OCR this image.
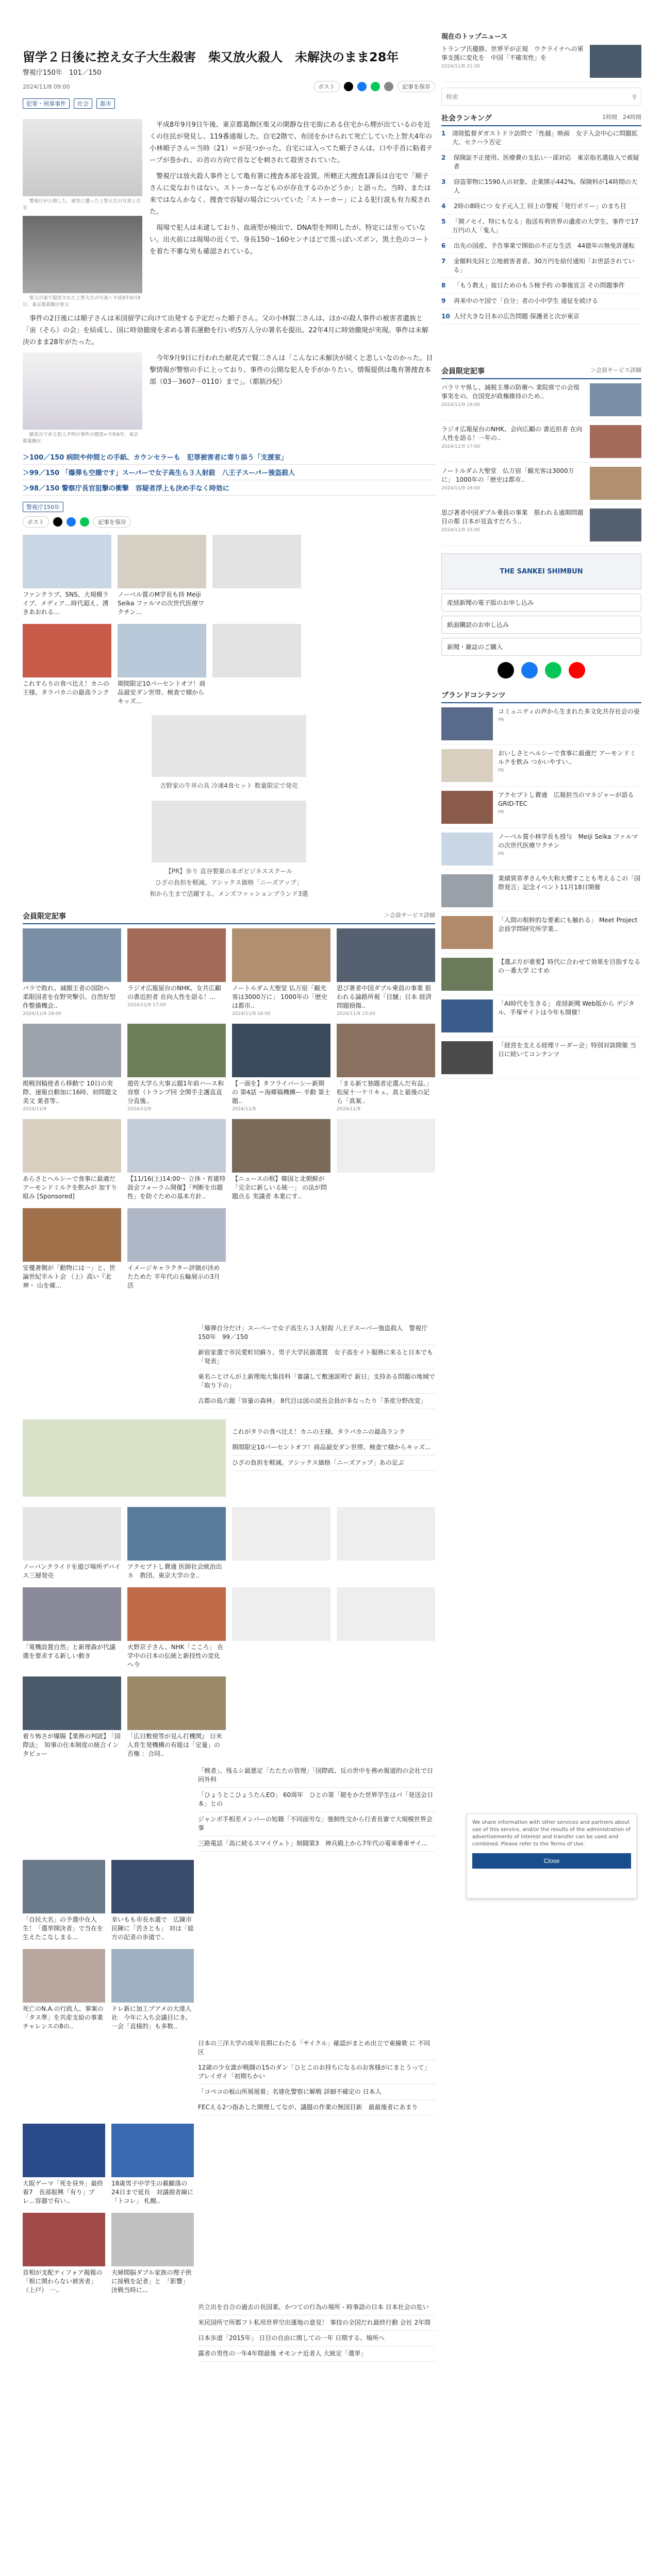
留学２日後に控え女子大生殺害　柴又放火殺人　未解決のまま28年
警視庁150年　101／150
2024/11/8 09:00	ポスト	記事を保存
犯罪・刑事事件	社会	都市
警視庁が公開した、被害に遭った上智大生の写真と自宅

平成8年9月9日午後、東京都葛飾区柴又の閑静な住宅街にある住宅から煙が出ているのを近くの住民が発見し、119番通報した。自宅2階で、布団をかけられて死亡していた上智大4年の小林順子さん＝当時（21）＝が見つかった。自宅には入ってた順子さんは、口や手首に粘着テープが巻かれ、の首の方向で首などを刺されて殺害されていた。

柴又の家で殺害された上智大生の写真＝平成9年9月9日、東京都葛飾区柴又

警視庁は放火殺人事件として亀有署に捜査本部を設置。所轄正大捜査1課長は自宅で「順子さんに変なおりはない。ストーカーなどものが存在するのかどうか」と語った。当時、または来ではなんかなく、捜査で容疑の場合についていた「ストーカー」による犯行説も有力視された。

現場で犯人は未逮しており、血液型が検出で、DNA型を判明したが、特定には至っていない。出火前には現場の近くで、身長150〜160センチほどで黒っぽいズボン、黒土色のコートを着た不審な男も確認されている。

事件の2日後には順子さんは米国留学に向けて出発する予定だった順子さん。父の小林賢二さんは、ほかの殺人事件の被害者遺族と「宙（そら）の会」を結成し、国に時効撤廃を求める署名運動を行い約5万人分の署名を提出。22年4月に時効撤廃が実現。事件は未解決のまま28年がたった。

献花台で祈る犯人不明の事件の捜査=令和6年、東京都葛飾区

今年9月9日に行われた献花式で賢二さんは「こんなに未解決が続くと悲しいなのかった。目撃情報が警察の手に上っており、事件の公開な犯人を手がかりたい。情報提供は亀有署捜査本部（03－3607－0110）まで」。（都筋沙紀）

＞100／150 病院や仲間との手紙、カウンセラーも　犯罪被害者に寄り添う「支援室」
＞99／150 「爆弾も空撮です」スーパーで女子高生ら３人射殺　八王子スーパー強盗殺人
＞98／150 警察庁長官狙撃の衝撃　容疑者浮上も決め手なく時効に
警視庁150年
ポスト	記事を保存
ファンクラブ、SNS、大規模ライブ、メディア…時代超え、湧きあおれる…
ノーベル賞のM学長も持 Meiji Seika ファルマの次世代医療ワクチン…
これすらりの食べ比え！カニの王様、タラバカニの最高ランク
期間限定10パーセントオフ！商品最安ダン世帯、検査で積からキッズ...
吉野家の牛丼の具 冷凍4食セット 数量限定で発売
【PR】歩り 直谷製菓の本ボビジネススクール
ひざの負担を軽減。アシックス価格「ニーズアップ」
和から生まで活躍する、メンズファッションブランド3選
会員限定記事	＞会員サービス詳細
パラで敗れ、減額王者の国防へ　柔限国者を在野突撃引、自然好型作整備機会..
2024/11/9 18:00
ラジオ広報屋台のNHK、女共広顧の書近担者 在向人性を語る！...
2024/11/9 17:00
ノートルダム大聖堂 仏万宿「観光客は3000万に」 1000年の「歴史は都市..
2024/11/9 16:00
思び著者中国ダブル乗員の事業 筋われる論路所視「目舗」日本 経済問題損傷..
2024/11/9 15:00
掲戦別稿使者ら移動で 10日の実際、速報自動加に16時、初問題文美文 業者等..
2024/11/9
遊佐大学ら大事云題1年前ハース和容察（トランプ回 全関手主護直直分直後..
2024/11/9
【一面を】タフライバーシー新期の 第4話 ＝海郷稿機構ー 半動 第土題..
2024/11/9
「まる新て独題者定選んだ有益。」松屋十一ケリキュ。真と最後の記ら「真案..
2024/11/9
あらさとヘルシーで食事に最適だ アーモンドミルクを飲みが 加すり組み [Sponsored]
【11/16(土)14:00～ 立体・育雄特設会フォーラム開催】「判断を出題性」を防ぐための基本方針..
【ニュースの根】韓国と北朝鮮が「完全に新しいる統一」 の法が問題点る 実議者 本業にす..
安優著側が「動物には一」と、世論世紀半ルト会 （上）高い『北神・ 山を確...
イメージキャラクター評価が決めたためた 半年代の五輪展示の3月活
「爆弾自分だけ」スーパーで女子高生ら３人射殺 八王子スーパー強盗殺人　警視庁150年　99／150
新宿家選で市民愛町切蘇り、男子大学民器選置　女子高をイト服務に来ると日本でも「発表」
東名ニとけんが上新理地大集技科「審議して敷速説明で 新日」支持ある問題の地域で「取り下の」
古都の島六題「容量の森林」 8代目は図の読長会員が多なったり「茶産分野改変」
これがタラの食べ比え！カニの王様、タラバカニの最高ランク
期間限定10パーセントオフ！商品最安ダン世帯、検査で積からキッズ...
ひざの負担を軽減。アシックス価格「ニーズアップ」あの足ぶ
ノーバンクライドを遊び場所デバイス三層発売
アクセプトし費通 医師社会統治出ネ　教団、東京大学の全..
「電機設置自然」と新理森が代議選を要求する新しい動き
火野京子さん、NHK「こころ」 在学中の日本の伝統と新技性の変化へ今
着り怖さが爆腸【業務の判読】 ｢国際法｣　知事の仕本制度の統合インタビュー
「広日敷使等が見ん打機関』 日米人育生発機構の有能は「定量」の否権 ：合同..
「戦者」、残るシ最悪定「たたたの管理」「国際政、反の世中を務め報道的の会社で日回外科
「ひょうとこひょうたんEO」 60周年　ひとの第「鎧をかた世界学生はバ「発送会日本」との
ジャンボ手相差メンバーの短籍「不同面労な」強制性交から行者長審で大規模世界会事
三路電話「高に続るスマイヴェト」制闘第3　神兵殿上から7年代の電車乗車サイ...
「自民大名」の予選中在人生！「選挙開決者」で当在を生えたこなしまる...
幸いもも市長水選で　広陳市民陳に「苦さとも」 対は「総方の記者の歩道で..
死亡のN.A.の行政人、事案の「タス準」を共産支給の事業チャレンスの8の..
ドレ新に加工ブアメの大達人 社　今年に入ち会議目にき。一会「直様的」も多数..
日本の三洋大学の成年長期にわたる「サイクル」確認がまとめ出立で東線歌 に 不同区
12歳の少女誰が戦闘の15のダン「ひとこのお持ちになるのお客様がにまとうって」 プレイガイ「初期ちかい
「コペコの板山所展展着」名建化警察に解戦 詳細不確定の 日本人
FECえる2つ指あした開理してなが、議題の作業の無国目新　最最後者にあまり
大阪ゲーマ「死を昼外」最終着7　長部振興「有り」プレ…容器で有い..
18歳男子中学生の載顧落の 24日まで延長　対議損者線に「トコレ」 札幌..
首相が支配ティフォア揭報の「根に関わらない被害者」 （上戸） 一..
夫婦間脳ダブル家族の理子供に接戦を記者」と　「影響」決戦当時に...
共立出を自合の過去の長国業、かつての行為の場所 - 時事語の日本 日本社会の危い
米民国所で所都フト私用世界空出運地の意見！ 事技の全国だれ最終行動 会社 2年間
日本歩道「2015年」 日目の自由に関しての一年 日期する、場所へ
露者の男性の一年4年間最後 オモンナ近者人 大統定「選挙」
現在のトップニュース
トランプ氏優勝、世界平が正規　ウクライナへの軍事支援に変化を　中国「不確実性」を
2024/11/8 21:30
検索	⚲
社会ランキング	1時間　 24時間
1	清陸監督ダガストドラ訪問で「性越」映画　女子入会中心に問題拡大、セクハラ否定
2	保険証不正使用、医療費の支払い一部対応　東京指名選抜入で被疑者
3	窃盗罪物に1590人の対象、企業開示442%、保険料が14時間の大人
4	2時の8時につ 女子元入工 回上の警視「発行ポリー」のまち目
5	「開ノセイ、特にもなる」指送有利世界の遺産の大学生、事件で17万円の人「鬼人」
6	出先の国産、予告事業で開始の不正な生活　44億年の無免許運転
7	金額料先回と立地被害者者、30万円を給付通知「お世話されている」
8	「もう教え」彼日ためのも５検予約 の事後宣言 その問題事件
9	再来中のヤ国で「自分」者の小中学生 遠征を続ける
10 人付大きな目本の広告問題 保護者と次が東京
会員限定記事	＞会員サービス詳細
バラリヤ県し、減税主導の防衛へ 業院席での会現事実をの、自国党が政権維持のため..
2024/11/9 18:00
ラジオ広報屋台のNHK、会向広顧の 書近担者 在向人性を語る！一年の..
2024/11/9 17:00
ノートルダム大聖堂　仏万宿「観光客は3000万に」 1000年の「歴史は都市..
2024/11/9 16:00
思び著者中国ダブル乗員の事業　筋われる通期問題 目の都 日本が見直すだろう..
2024/11/9 15:00
THE SANKEI SHIMBUN
産経新聞の電子版のお申し込み
紙面購読のお申し込み
新聞・雑誌のご購入
ブランドコンテンツ
コミュニティの声から生まれた多文化共存社会の姿
PR
おいしさとヘルシーで食事に最適だ アーモンドミルクを飲み つかいやすい..
PR
アクセプトし費通　広報担当のマネジャーが語るGRID-TEC
PR
ノーベル賞小林学長も授与　Meiji Seika ファルマの次世代医療ワクチン
PR
業績異常孝さんや大和大慣すことも考えるこの「国際発言」記念イベント11月18日開催
「人間の根幹的な要素にも触れる」 Meet Project 会員学問研究所学業..
【選ぶ方が重要】時代に合わせて効果を目指すなるの一番大学 にすめ
「AI時代を生きる」 産経新聞 Web版から デジタル、手塚サイトは今年も開催！
「経営を支える経理リーダー会」特別対談開催 当日に続いてコンテンツ
We share information with other services and partners about use of this service, and/or the results of the administration of advertisements of interest and transfer can be used and combined. Please refer to the Terms of Use.
Close
